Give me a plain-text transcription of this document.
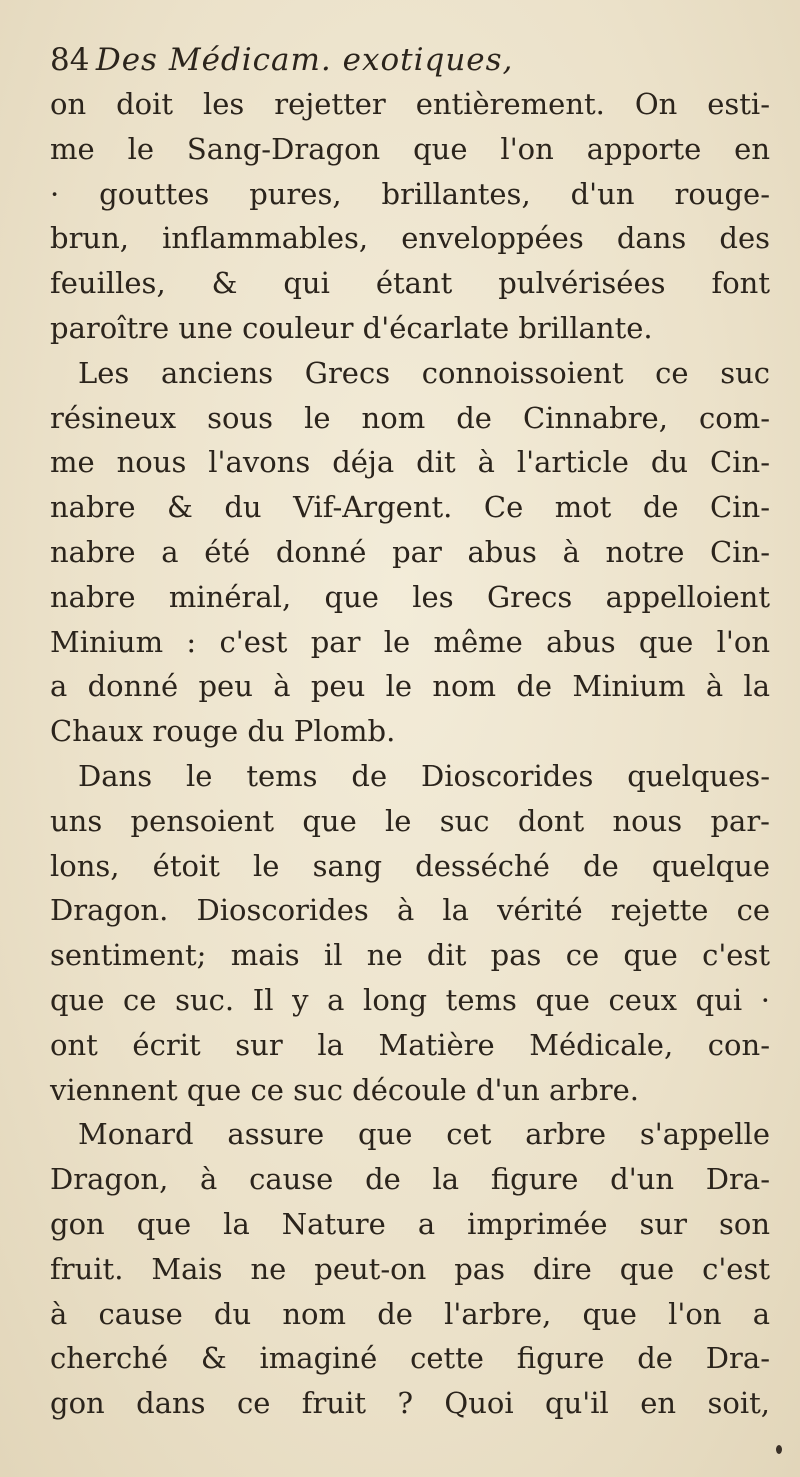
84 Des Médicam. exotiques,
on doit les rejetter entièrement. On esti-
me le Sang-Dragon que l'on apporte en
· gouttes pures, brillantes, d'un rouge-
brun, inflammables, enveloppées dans des
feuilles, & qui étant pulvérisées font
paroître une couleur d'écarlate brillante.
Les anciens Grecs connoissoient ce suc
résineux sous le nom de Cinnabre, com-
me nous l'avons déja dit à l'article du Cin-
nabre & du Vif-Argent. Ce mot de Cin-
nabre a été donné par abus à notre Cin-
nabre minéral, que les Grecs appelloient
Minium : c'est par le même abus que l'on
a donné peu à peu le nom de Minium à la
Chaux rouge du Plomb.
Dans le tems de Dioscorides quelques-
uns pensoient que le suc dont nous par-
lons, étoit le sang desséché de quelque
Dragon. Dioscorides à la vérité rejette ce
sentiment; mais il ne dit pas ce que c'est
que ce suc. Il y a long tems que ceux qui ·
ont écrit sur la Matière Médicale, con-
viennent que ce suc découle d'un arbre.
Monard assure que cet arbre s'appelle
Dragon, à cause de la figure d'un Dra-
gon que la Nature a imprimée sur son
fruit. Mais ne peut-on pas dire que c'est
à cause du nom de l'arbre, que l'on a
cherché & imaginé cette figure de Dra-
gon dans ce fruit ? Quoi qu'il en soit,
